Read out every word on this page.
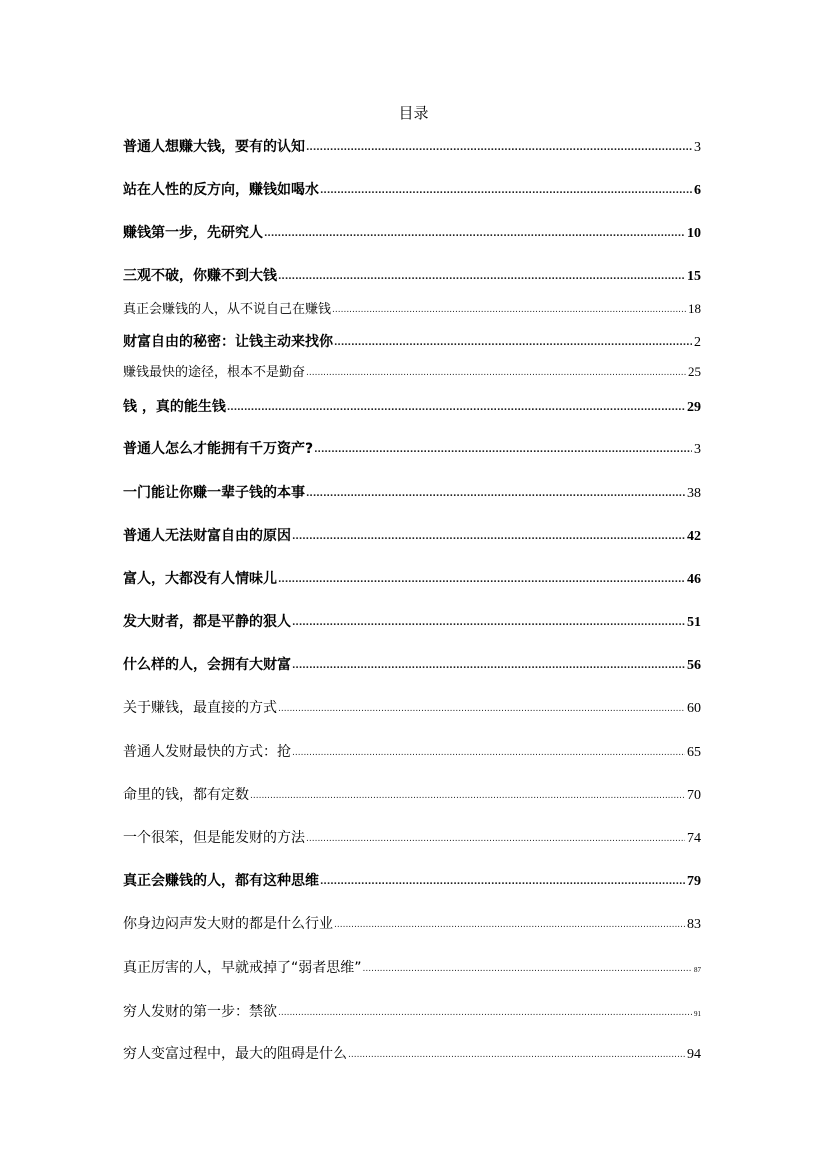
目录
普通人想赚大钱，要有的认知 .....	3
站在人性的反方向，赚钱如喝水 .....	6
赚钱第一步，先研究人 .....	10
三观不破，你赚不到大钱 .....	15
真正会赚钱的人，从不说自己在赚钱 .....	18
财富自由的秘密：让钱主动来找你 .....	2
赚钱最快的途径，根本不是勤奋 .....	25
钱 ，真的能生钱 .....	29
普通人怎么才能拥有千万资产? .....	3
一门能让你赚一辈子钱的本事 .....	38
普通人无法财富自由的原因 .....	42
富人，大都没有人情味儿 .....	46
发大财者，都是平静的狠人 .....	51
什么样的人，会拥有大财富 .....	56
关于赚钱，最直接的方式 .....	60
普通人发财最快的方式：抢 .....	65
命里的钱，都有定数 .....	70
一个很笨，但是能发财的方法 .....	74
真正会赚钱的人，都有这种思维 .....	79
你身边闷声发大财的都是什么行业 .....	83
真正厉害的人，早就戒掉了“弱者思维” .....	87
穷人发财的第一步：禁欲 .....	91
穷人变富过程中，最大的阻碍是什么 .....	94
